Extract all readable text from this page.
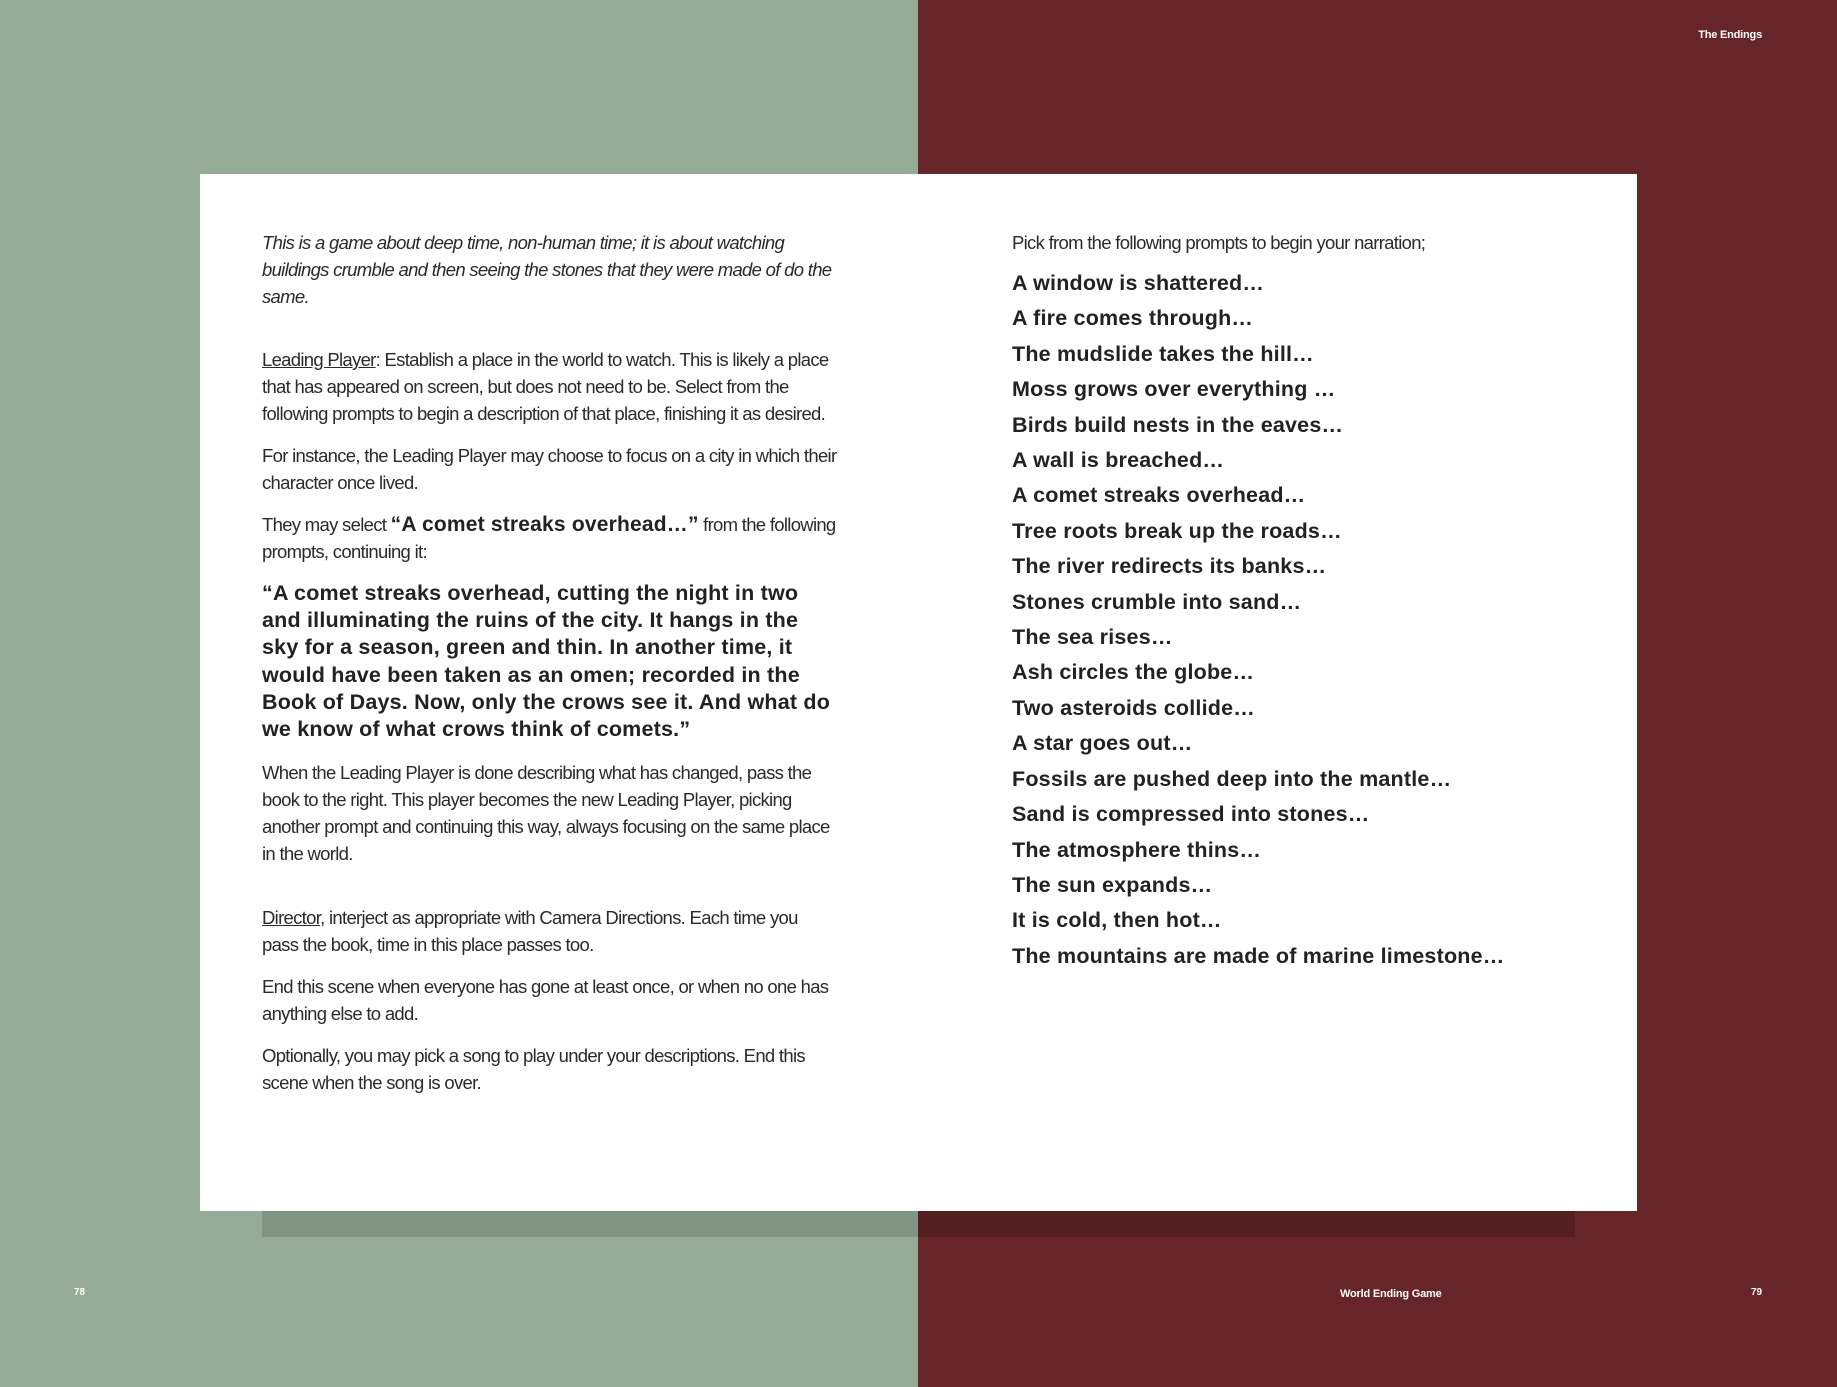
The Endings

This is a game about deep time, non-human time; it is about watching buildings crumble and then seeing the stones that they were made of do the same.

Leading Player: Establish a place in the world to watch. This is likely a place that has appeared on screen, but does not need to be. Select from the following prompts to begin a description of that place, finishing it as desired.

For instance, the Leading Player may choose to focus on a city in which their character once lived.

They may select “A comet streaks overhead…” from the following prompts, continuing it:

“A comet streaks overhead, cutting the night in two and illuminating the ruins of the city. It hangs in the sky for a season, green and thin. In another time, it would have been taken as an omen; recorded in the Book of Days. Now, only the crows see it. And what do we know of what crows think of comets.”

When the Leading Player is done describing what has changed, pass the book to the right. This player becomes the new Leading Player, picking another prompt and continuing this way, always focusing on the same place in the world.

Director, interject as appropriate with Camera Directions. Each time you pass the book, time in this place passes too.

End this scene when everyone has gone at least once, or when no one has anything else to add.

Optionally, you may pick a song to play under your descriptions. End this scene when the song is over.

Pick from the following prompts to begin your narration;

A window is shattered…
A fire comes through…
The mudslide takes the hill…
Moss grows over everything …
Birds build nests in the eaves…
A wall is breached…
A comet streaks overhead…
Tree roots break up the roads…
The river redirects its banks…
Stones crumble into sand…
The sea rises…
Ash circles the globe…
Two asteroids collide…
A star goes out…
Fossils are pushed deep into the mantle…
Sand is compressed into stones…
The atmosphere thins…
The sun expands…
It is cold, then hot…
The mountains are made of marine limestone…
78	World Ending Game	79
